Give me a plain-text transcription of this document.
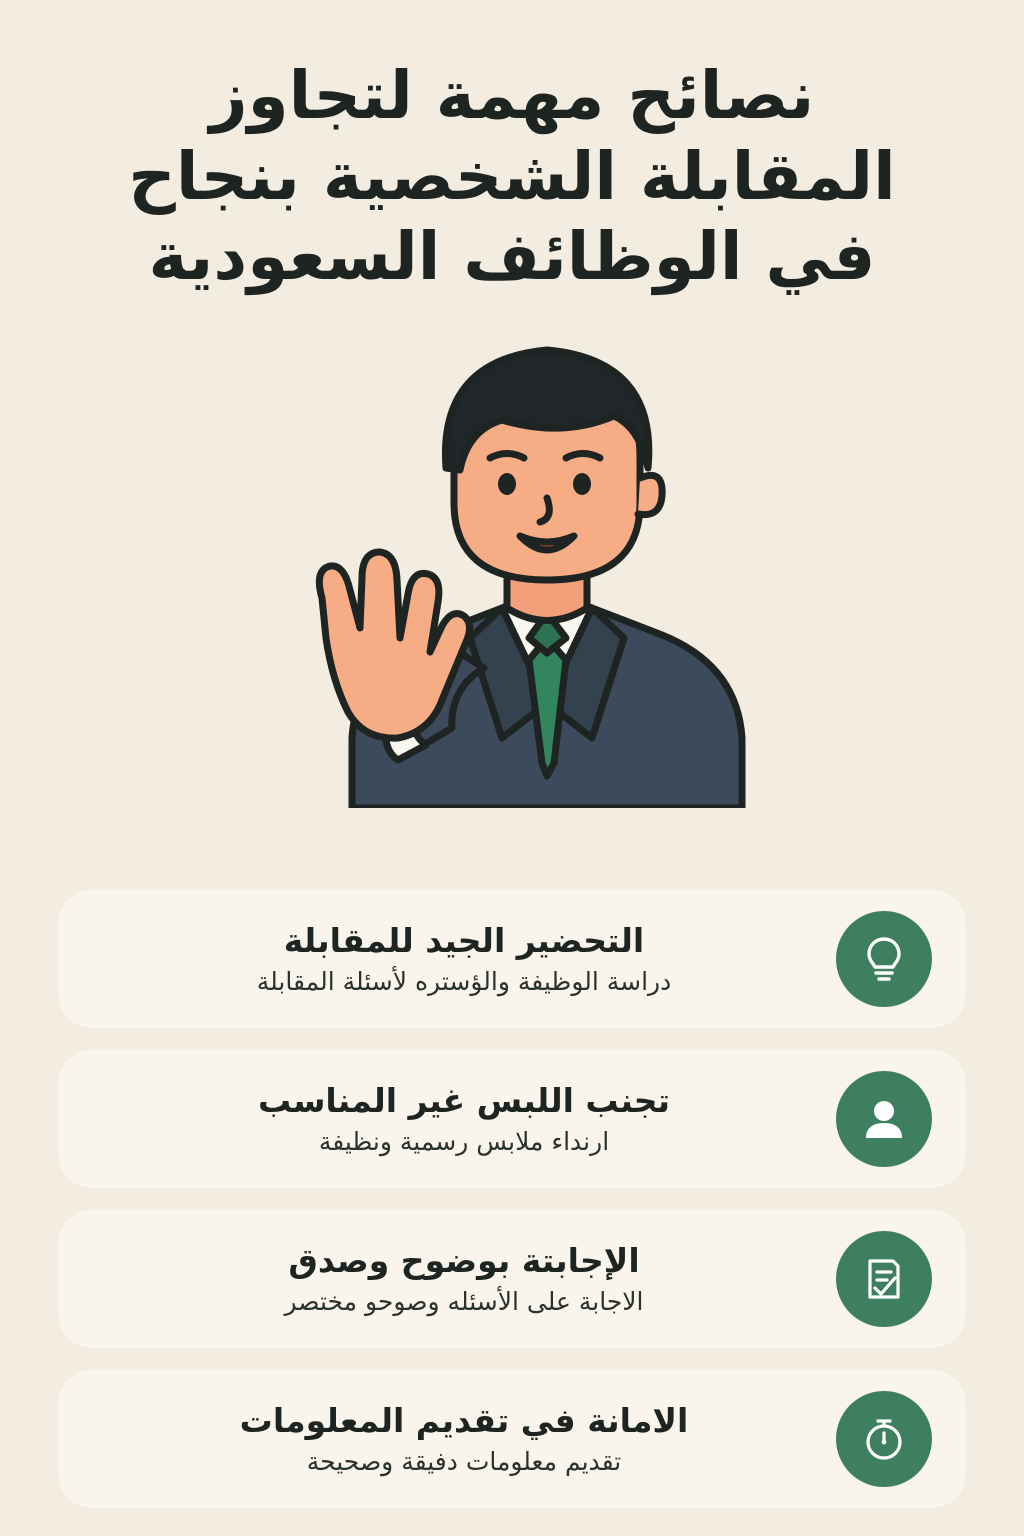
نصائح مهمة لتجاوز
المقابلة الشخصية بنجاح
في الوظائف السعودية
التحضير الجيد للمقابلة
دراسة الوظيفة والؤستره لأسئلة المقابلة
تجنب اللبس غير المناسب
ارنداء ملابس رسمية ونظيفة
الإجابتة بوضوح وصدق
الاجابة على الأسئله وصوحو مختصر
الامانة في تقديم المعلومات
تقديم معلومات دفيقة وصحيحة
